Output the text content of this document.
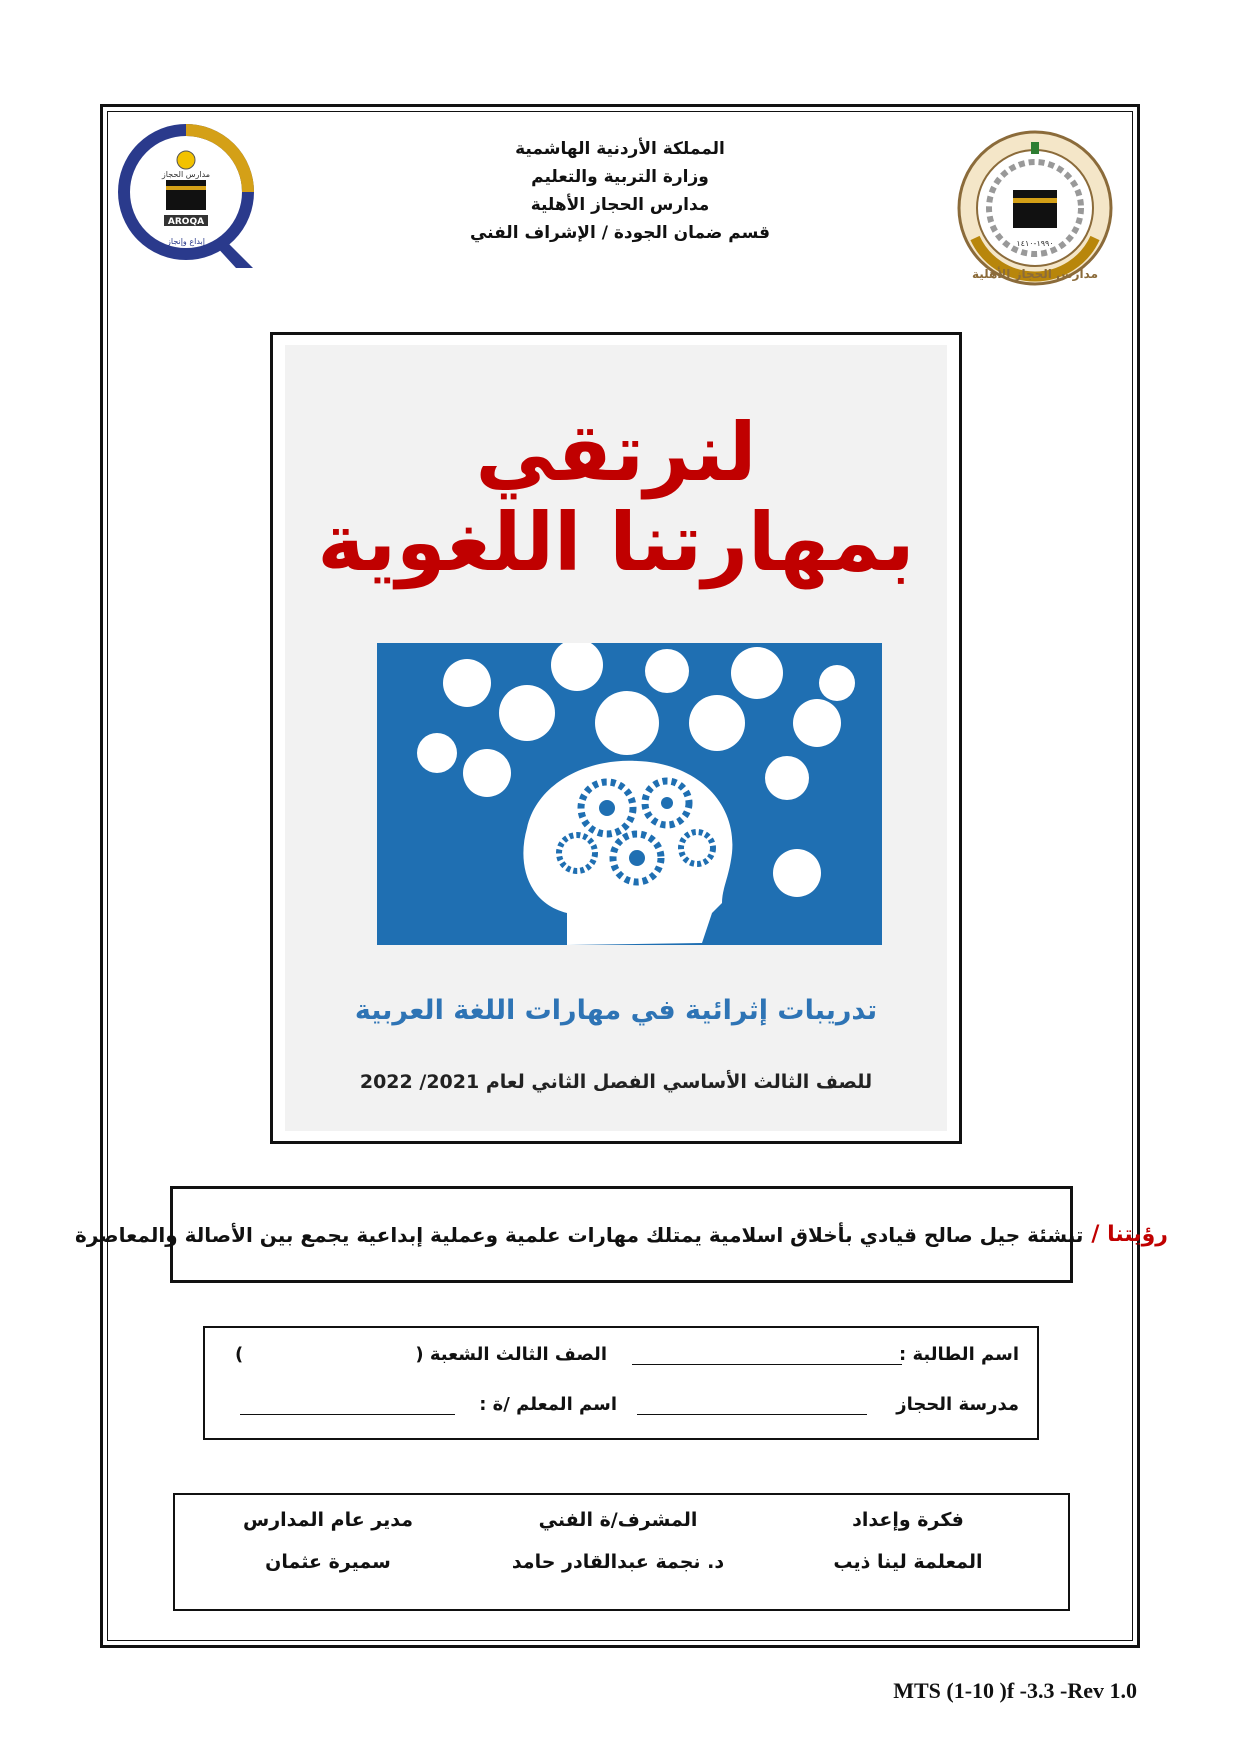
مدارس الحجاز
AROQA
إبداع وإنجاز	١٩٩٠-١٤١٠
مدارس الحجاز الأهلية
المملكة الأردنية الهاشمية
وزارة التربية والتعليم
مدارس الحجاز الأهلية
قسم ضمان الجودة / الإشراف الفني
لنرتقي
بمهارتنا اللغوية
تدريبات إثرائية في مهارات اللغة العربية
للصف الثالث الأساسي الفصل الثاني لعام 2021/ 2022
رؤيتنا /
تنشئة جيل صالح قيادي بأخلاق اسلامية يمتلك مهارات علمية وعملية إبداعية يجمع بين الأصالة والمعاصرة
اسم الطالبة :
الصف الثالث الشعبة (
)
مدرسة الحجاز
اسم المعلم /ة :
فكرة وإعداد
المعلمة لينا ذيب
المشرف/ة الفني
د. نجمة عبدالقادر حامد
مدير عام المدارس
سميرة عثمان
MTS (1-10 )f -3.3 -Rev 1.0
